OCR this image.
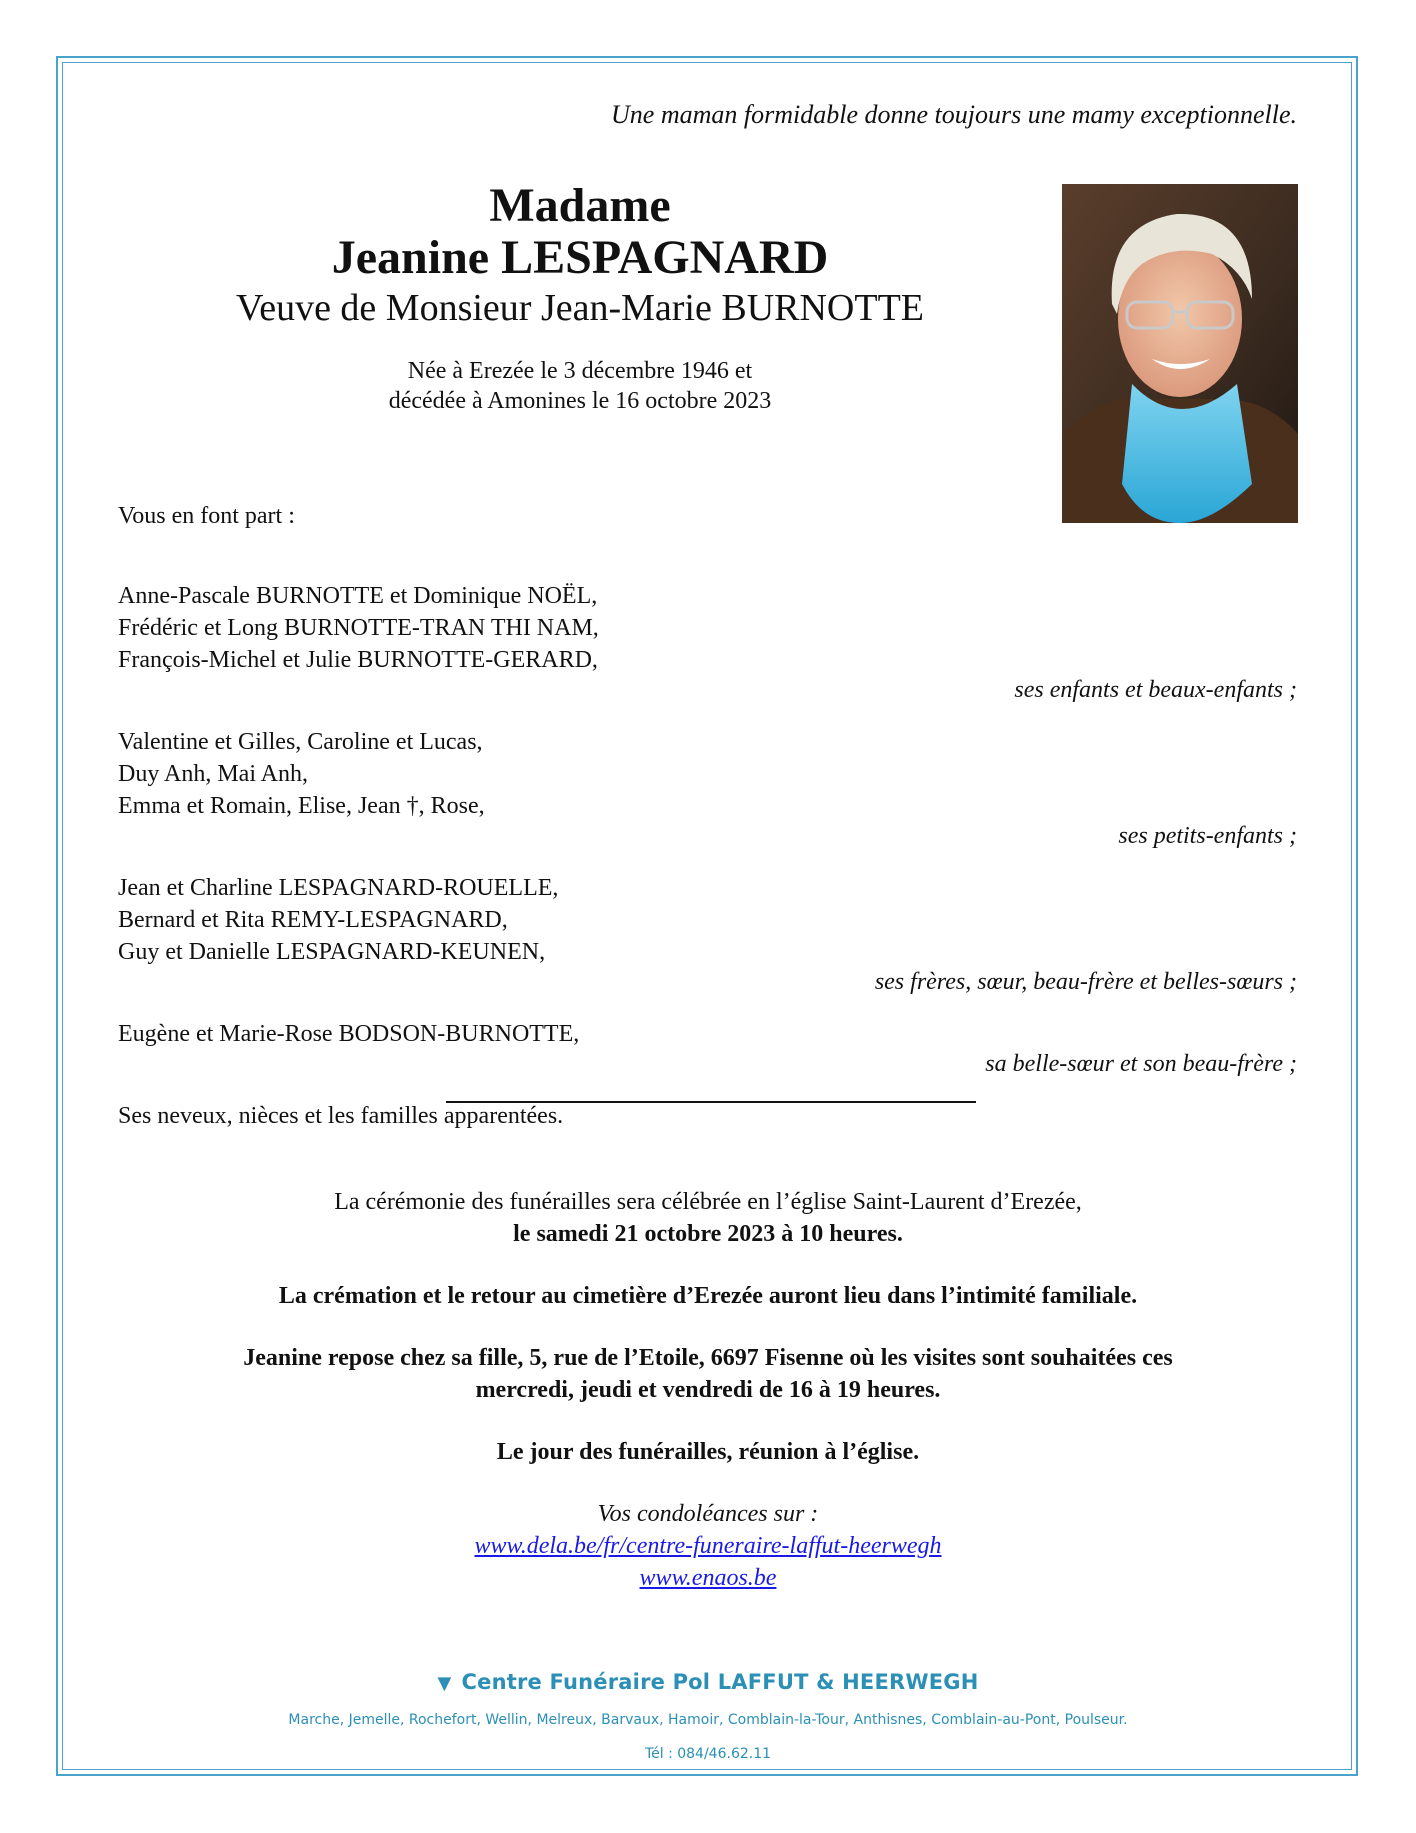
Une maman formidable donne toujours une mamy exceptionnelle.
Madame
Jeanine LESPAGNARD
Veuve de Monsieur Jean-Marie BURNOTTE
Née à Erezée le 3 décembre 1946 et
décédée à Amonines le 16 octobre 2023
Vous en font part :
Anne-Pascale BURNOTTE et Dominique NOËL,
Frédéric et Long BURNOTTE-TRAN THI NAM,
François-Michel et Julie BURNOTTE-GERARD,
ses enfants et beaux-enfants ;
Valentine et Gilles, Caroline et Lucas,
Duy Anh, Mai Anh,
Emma et Romain, Elise, Jean †, Rose,
ses petits-enfants ;
Jean et Charline LESPAGNARD-ROUELLE,
Bernard et Rita REMY-LESPAGNARD,
Guy et Danielle LESPAGNARD-KEUNEN,
ses frères, sœur, beau-frère et belles-sœurs ;
Eugène et Marie-Rose BODSON-BURNOTTE,
sa belle-sœur et son beau-frère ;
Ses neveux, nièces et les familles apparentées.

La cérémonie des funérailles sera célébrée en l’église Saint-Laurent d’Erezée,
le samedi 21 octobre 2023 à 10 heures.

La crémation et le retour au cimetière d’Erezée auront lieu dans l’intimité familiale.

Jeanine repose chez sa fille, 5, rue de l’Etoile, 6697 Fisenne où les visites sont souhaitées ces
mercredi, jeudi et vendredi de 16 à 19 heures.

Le jour des funérailles, réunion à l’église.

Vos condoléances sur :
www.dela.be/fr/centre-funeraire-laffut-heerwegh
www.enaos.be

▼ Centre Funéraire Pol LAFFUT & HEERWEGH
Marche, Jemelle, Rochefort, Wellin, Melreux, Barvaux, Hamoir, Comblain-la-Tour, Anthisnes, Comblain-au-Pont, Poulseur.
Tél : 084/46.62.11
